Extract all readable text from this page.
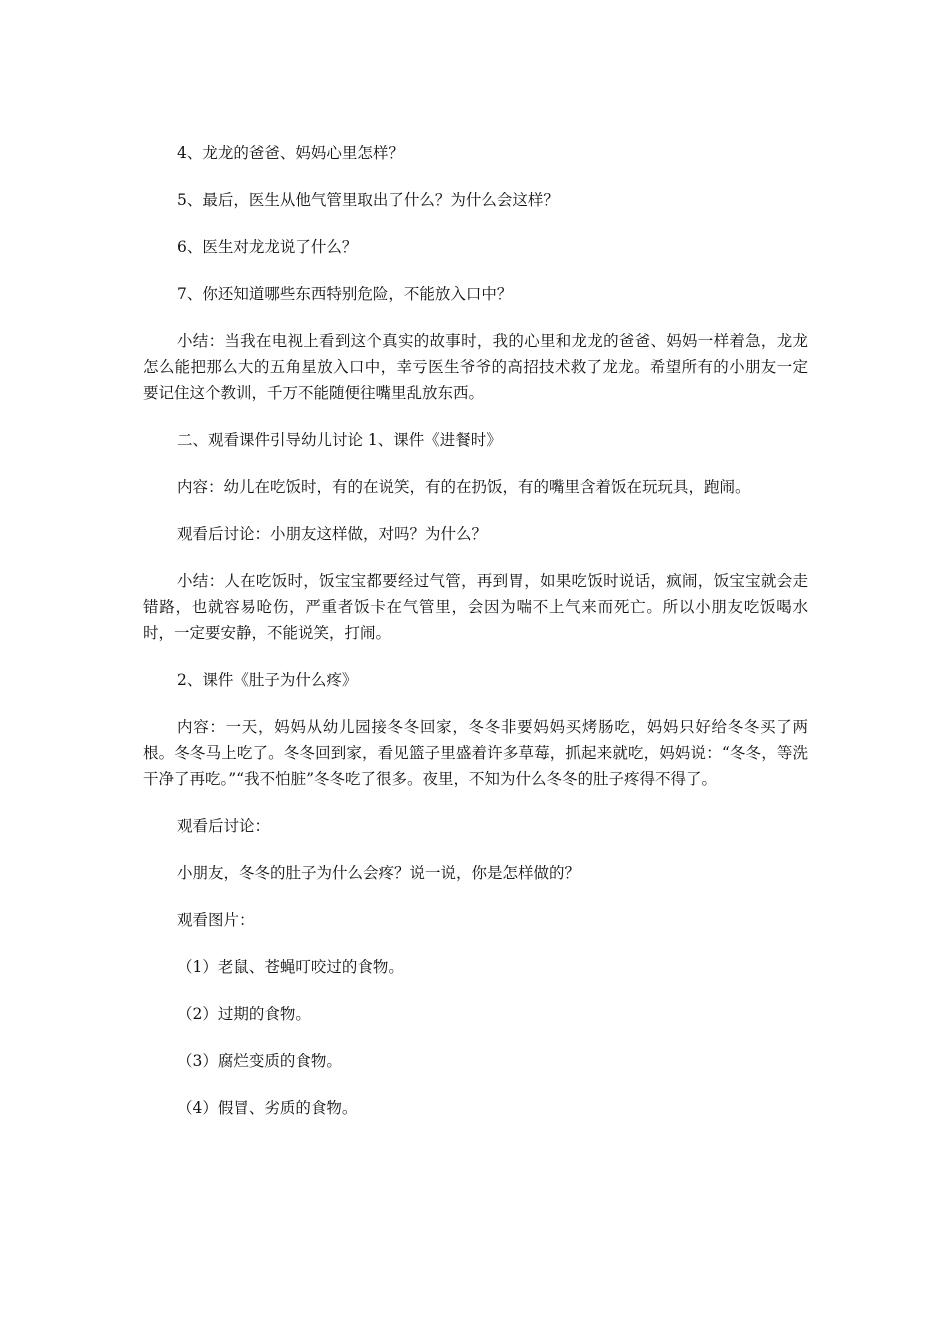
4、龙龙的爸爸、妈妈心里怎样？

5、最后，医生从他气管里取出了什么？为什么会这样？

6、医生对龙龙说了什么？

7、你还知道哪些东西特别危险，不能放入口中？

小结：当我在电视上看到这个真实的故事时，我的心里和龙龙的爸爸、妈妈一样着急，龙龙怎么能把那么大的五角星放入口中，幸亏医生爷爷的高招技术救了龙龙。希望所有的小朋友一定要记住这个教训，千万不能随便往嘴里乱放东西。

二、观看课件引导幼儿讨论 1、课件《进餐时》

内容：幼儿在吃饭时，有的在说笑，有的在扔饭，有的嘴里含着饭在玩玩具，跑闹。

观看后讨论：小朋友这样做，对吗？为什么？

小结：人在吃饭时，饭宝宝都要经过气管，再到胃，如果吃饭时说话，疯闹，饭宝宝就会走错路，也就容易呛伤，严重者饭卡在气管里，会因为喘不上气来而死亡。所以小朋友吃饭喝水时，一定要安静，不能说笑，打闹。

2、课件《肚子为什么疼》

内容：一天，妈妈从幼儿园接冬冬回家，冬冬非要妈妈买烤肠吃，妈妈只好给冬冬买了两根。冬冬马上吃了。冬冬回到家，看见篮子里盛着许多草莓，抓起来就吃，妈妈说：“冬冬，等洗干净了再吃。”“我不怕脏”冬冬吃了很多。夜里，不知为什么冬冬的肚子疼得不得了。

观看后讨论：

小朋友，冬冬的肚子为什么会疼？说一说，你是怎样做的？

观看图片：

（1）老鼠、苍蝇叮咬过的食物。

（2）过期的食物。

（3）腐烂变质的食物。

（4）假冒、劣质的食物。
